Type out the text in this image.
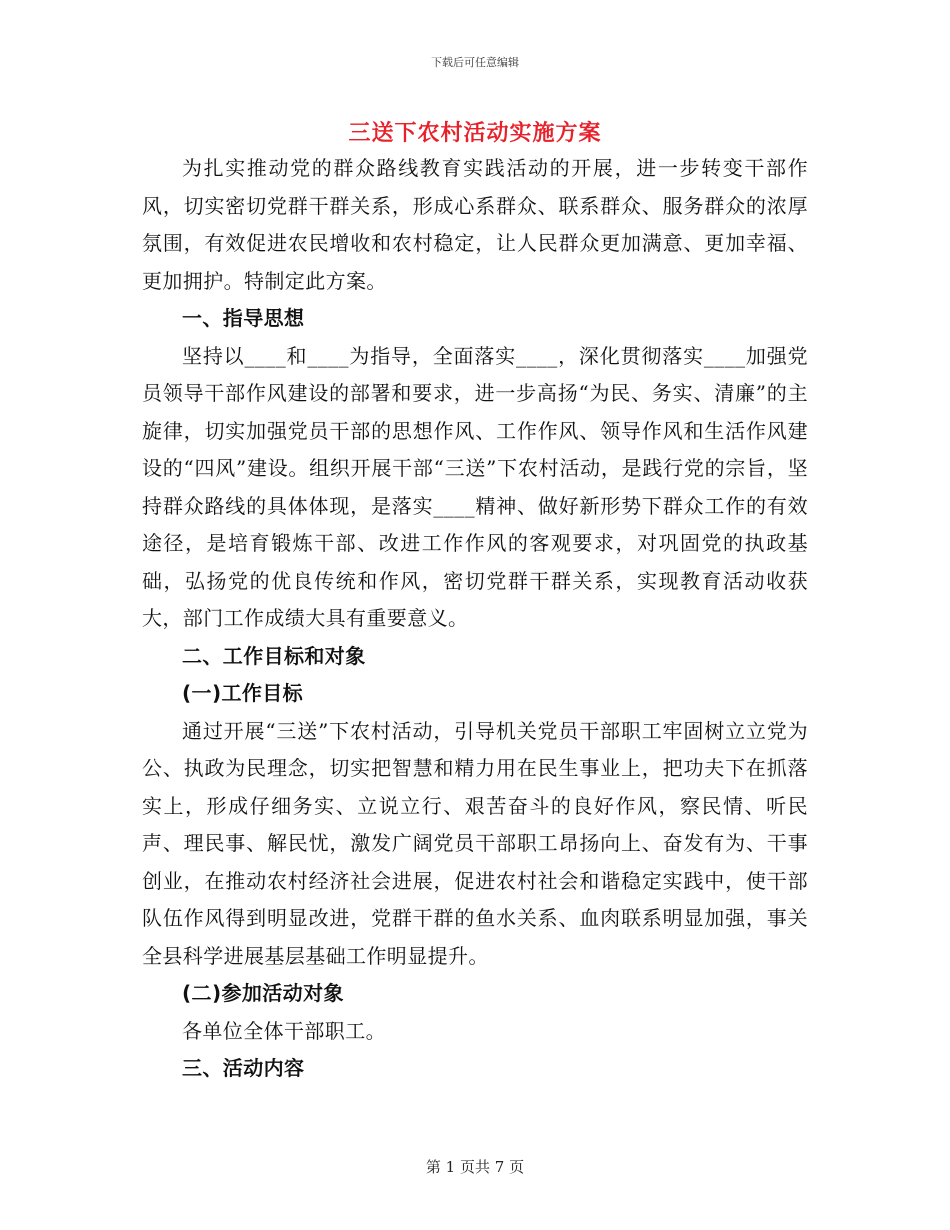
下载后可任意编辑
三送下农村活动实施方案

为扎实推动党的群众路线教育实践活动的开展，进一步转变干部作风，切实密切党群干群关系，形成心系群众、联系群众、服务群众的浓厚氛围，有效促进农民增收和农村稳定，让人民群众更加满意、更加幸福、更加拥护。特制定此方案。

一、指导思想

坚持以____和____为指导，全面落实____，深化贯彻落实____加强党员领导干部作风建设的部署和要求，进一步高扬“为民、务实、清廉”的主旋律，切实加强党员干部的思想作风、工作作风、领导作风和生活作风建设的“四风”建设。组织开展干部“三送”下农村活动，是践行党的宗旨，坚持群众路线的具体体现，是落实____精神、做好新形势下群众工作的有效途径，是培育锻炼干部、改进工作作风的客观要求，对巩固党的执政基础，弘扬党的优良传统和作风，密切党群干群关系，实现教育活动收获大，部门工作成绩大具有重要意义。

二、工作目标和对象

(一)工作目标

通过开展“三送”下农村活动，引导机关党员干部职工牢固树立立党为公、执政为民理念，切实把智慧和精力用在民生事业上，把功夫下在抓落实上，形成仔细务实、立说立行、艰苦奋斗的良好作风，察民情、听民声、理民事、解民忧，激发广阔党员干部职工昂扬向上、奋发有为、干事创业，在推动农村经济社会进展，促进农村社会和谐稳定实践中，使干部队伍作风得到明显改进，党群干群的鱼水关系、血肉联系明显加强，事关全县科学进展基层基础工作明显提升。

(二)参加活动对象

各单位全体干部职工。

三、活动内容

第 1 页共 7 页
